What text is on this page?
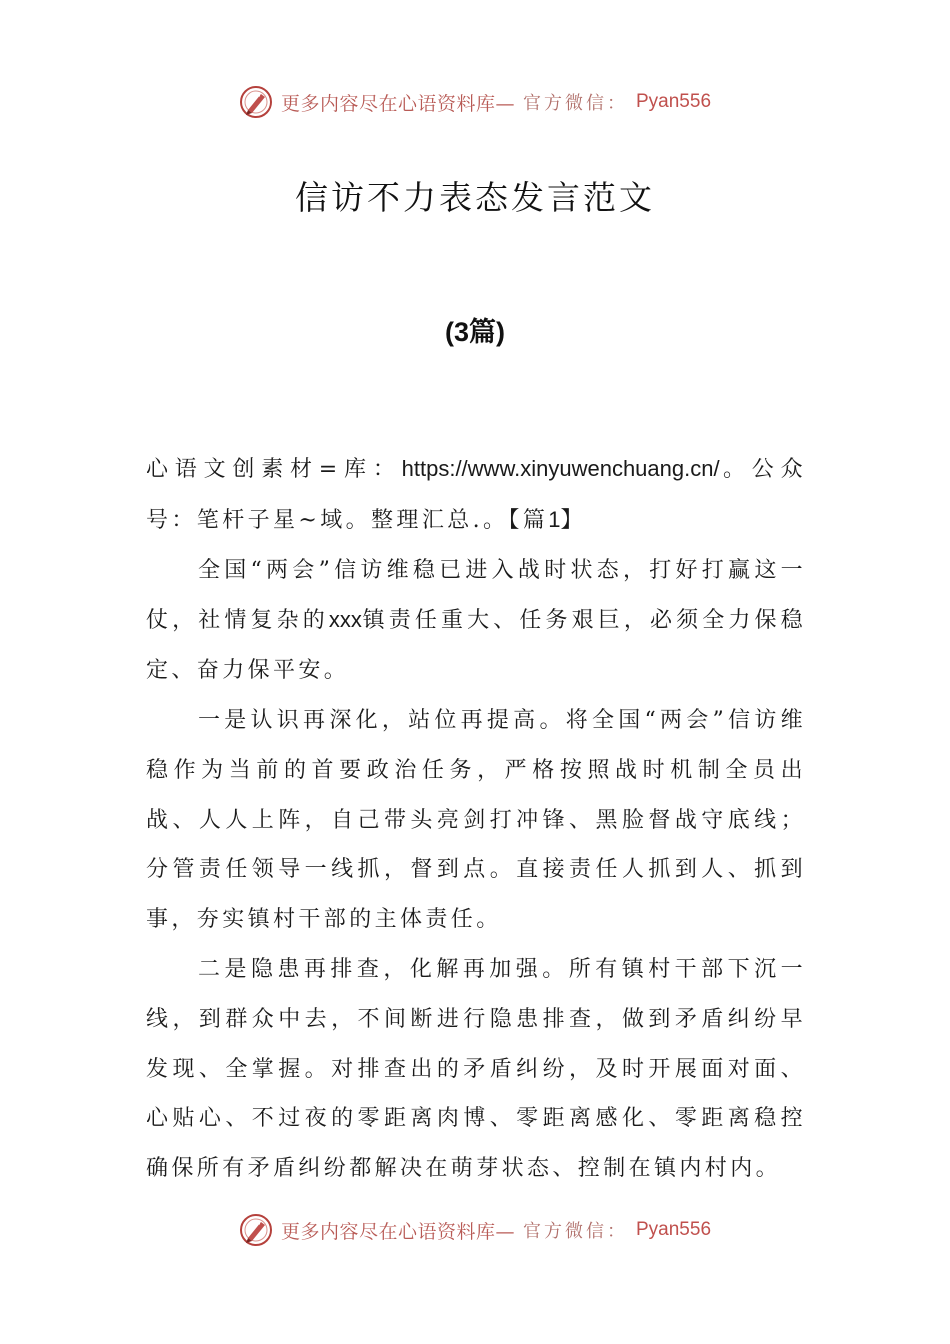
更多内容尽在心语资料库— 官方微信： Pyan556
信访不力表态发言范文
(3篇)

心语文创素材=库：https://www.xinyuwenchuang.cn/。公众号：笔杆子星~域。整理汇总.。【篇1】

全国“两会”信访维稳已进入战时状态，打好打赢这一仗，社情复杂的xxx镇责任重大、任务艰巨，必须全力保稳定、奋力保平安。

一是认识再深化，站位再提高。将全国“两会”信访维稳作为当前的首要政治任务，严格按照战时机制全员出战、人人上阵，自己带头亮剑打冲锋、黑脸督战守底线；分管责任领导一线抓，督到点。直接责任人抓到人、抓到事，夯实镇村干部的主体责任。

二是隐患再排查，化解再加强。所有镇村干部下沉一线，到群众中去，不间断进行隐患排查，做到矛盾纠纷早发现、全掌握。对排查出的矛盾纠纷，及时开展面对面、心贴心、不过夜的零距离肉博、零距离感化、零距离稳控确保所有矛盾纠纷都解决在萌芽状态、控制在镇内村内。

更多内容尽在心语资料库— 官方微信： Pyan556
